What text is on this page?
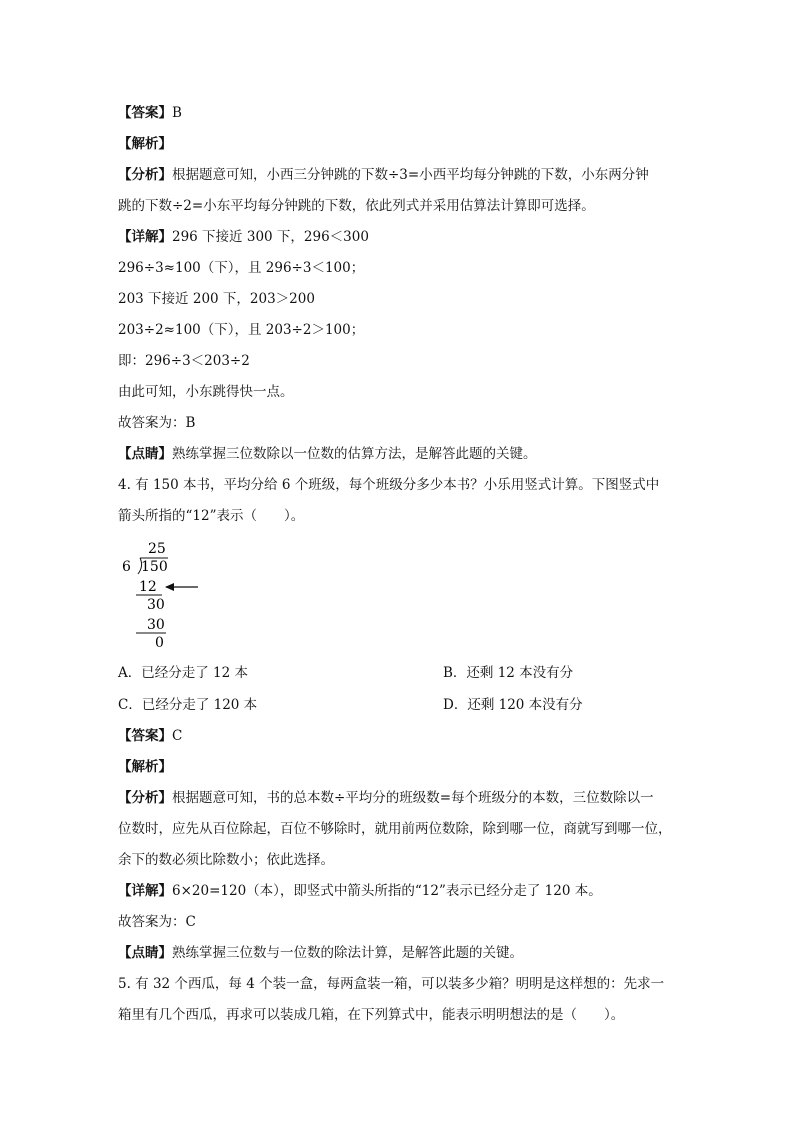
【答案】B
【解析】
【分析】根据题意可知，小西三分钟跳的下数÷3=小西平均每分钟跳的下数，小东两分钟
跳的下数÷2=小东平均每分钟跳的下数，依此列式并采用估算法计算即可选择。
【详解】296 下接近 300 下，296＜300
296÷3≈100（下），且 296÷3＜100；
203 下接近 200 下，203＞200
203÷2≈100（下），且 203÷2＞100；
即：296÷3＜203÷2
由此可知，小东跳得快一点。
故答案为：B
【点睛】熟练掌握三位数除以一位数的估算方法，是解答此题的关键。
4. 有 150 本书，平均分给 6 个班级，每个班级分多少本书？小乐用竖式计算。下图竖式中
箭头所指的“12”表示（　　）。
25
6 150
12
30
30
0
A．已经分走了 12 本	B．还剩 12 本没有分
C．已经分走了 120 本	D．还剩 120 本没有分
【答案】C
【解析】
【分析】根据题意可知，书的总本数÷平均分的班级数=每个班级分的本数，三位数除以一
位数时，应先从百位除起，百位不够除时，就用前两位数除，除到哪一位，商就写到哪一位，
余下的数必须比除数小；依此选择。
【详解】6×20=120（本），即竖式中箭头所指的“12”表示已经分走了 120 本。
故答案为：C
【点睛】熟练掌握三位数与一位数的除法计算，是解答此题的关键。
5. 有 32 个西瓜，每 4 个装一盒，每两盒装一箱，可以装多少箱？明明是这样想的：先求一
箱里有几个西瓜，再求可以装成几箱，在下列算式中，能表示明明想法的是（　　）。
